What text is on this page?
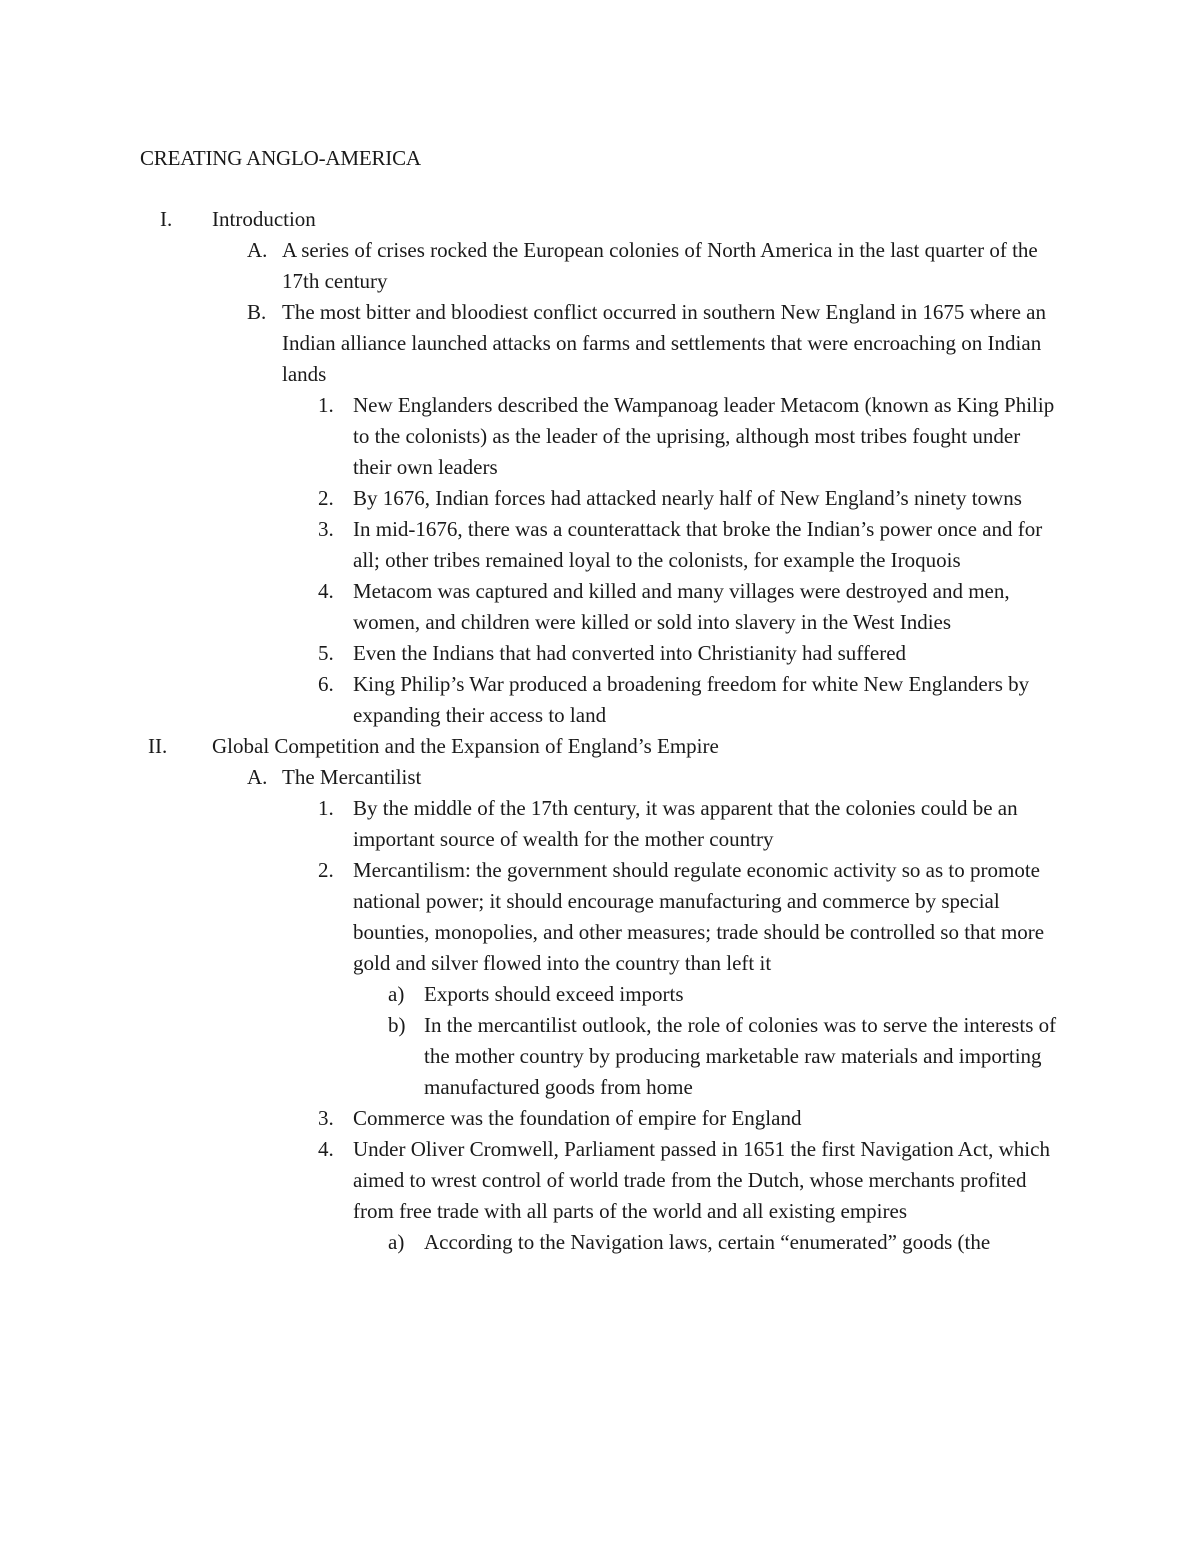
CREATING ANGLO-AMERICA
I. Introduction
A. A series of crises rocked the European colonies of North America in the last quarter of the 17th century
B. The most bitter and bloodiest conflict occurred in southern New England in 1675 where an Indian alliance launched attacks on farms and settlements that were encroaching on Indian lands
1. New Englanders described the Wampanoag leader Metacom (known as King Philip to the colonists) as the leader of the uprising, although most tribes fought under their own leaders
2. By 1676, Indian forces had attacked nearly half of New England’s ninety towns
3. In mid-1676, there was a counterattack that broke the Indian’s power once and for all; other tribes remained loyal to the colonists, for example the Iroquois
4. Metacom was captured and killed and many villages were destroyed and men, women, and children were killed or sold into slavery in the West Indies
5. Even the Indians that had converted into Christianity had suffered
6. King Philip’s War produced a broadening freedom for white New Englanders by expanding their access to land
II. Global Competition and the Expansion of England’s Empire
A. The Mercantilist
1. By the middle of the 17th century, it was apparent that the colonies could be an important source of wealth for the mother country
2. Mercantilism: the government should regulate economic activity so as to promote national power; it should encourage manufacturing and commerce by special bounties, monopolies, and other measures; trade should be controlled so that more gold and silver flowed into the country than left it
a) Exports should exceed imports
b) In the mercantilist outlook, the role of colonies was to serve the interests of the mother country by producing marketable raw materials and importing manufactured goods from home
3. Commerce was the foundation of empire for England
4. Under Oliver Cromwell, Parliament passed in 1651 the first Navigation Act, which aimed to wrest control of world trade from the Dutch, whose merchants profited from free trade with all parts of the world and all existing empires
a) According to the Navigation laws, certain “enumerated” goods (the
